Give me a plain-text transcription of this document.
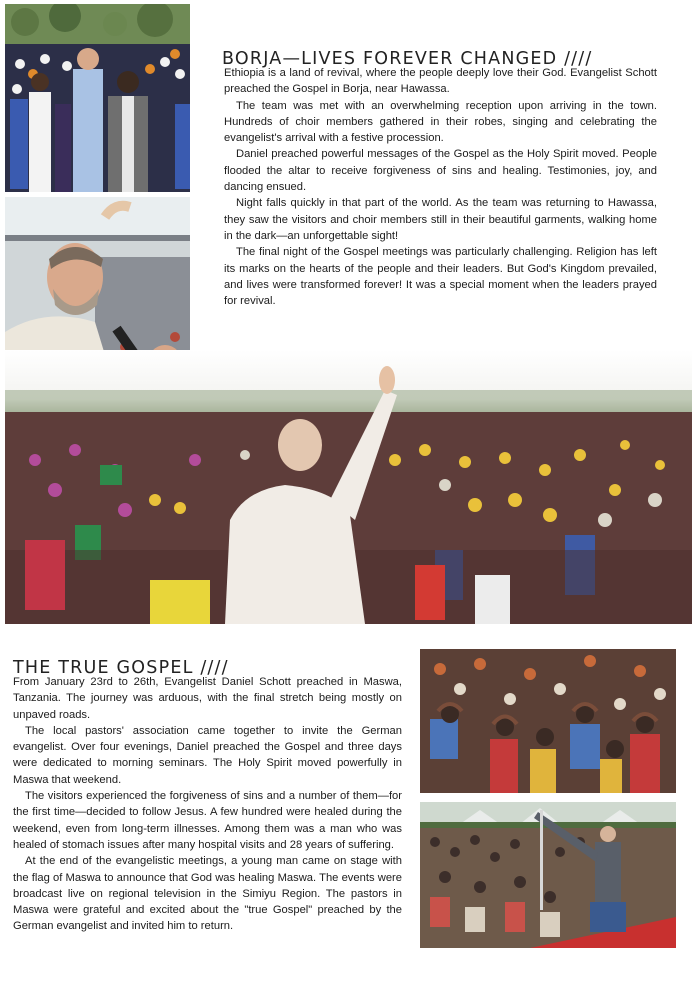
BORJA—LIVES FOREVER CHANGED ////

Ethiopia is a land of revival, where the people deeply love their God. Evangelist Schott preached the Gospel in Borja, near Hawassa.

The team was met with an overwhelming reception upon arriving in the town. Hundreds of choir members gathered in their robes, singing and celebrating the evangelist's arrival with a festive procession.

Daniel preached powerful messages of the Gospel as the Holy Spirit moved. People flooded the altar to receive forgiveness of sins and healing. Testimonies, joy, and dancing ensued.

Night falls quickly in that part of the world. As the team was returning to Hawassa, they saw the visitors and choir members still in their beautiful garments, walking home in the dark—an unforgettable sight!

The final night of the Gospel meetings was particularly challenging. Religion has left its marks on the hearts of the people and their leaders. But God's Kingdom prevailed, and lives were transformed forever! It was a special moment when the leaders prayed for revival.

THE TRUE GOSPEL ////

From January 23rd to 26th, Evangelist Daniel Schott preached in Maswa, Tanzania. The journey was arduous, with the final stretch being mostly on unpaved roads.

The local pastors' association came together to invite the German evangelist. Over four evenings, Daniel preached the Gospel and three days were dedicated to morning seminars. The Holy Spirit moved powerfully in Maswa that weekend.

The visitors experienced the forgiveness of sins and a number of them—for the first time—decided to follow Jesus. A few hundred were healed during the weekend, even from long-term illnesses. Among them was a man who was healed of stomach issues after many hospital visits and 28 years of suffering.

At the end of the evangelistic meetings, a young man came on stage with the flag of Maswa to announce that God was healing Maswa. The events were broadcast live on regional television in the Simiyu Region. The pastors in Maswa were grateful and excited about the "true Gospel" preached by the German evangelist and invited him to return.
